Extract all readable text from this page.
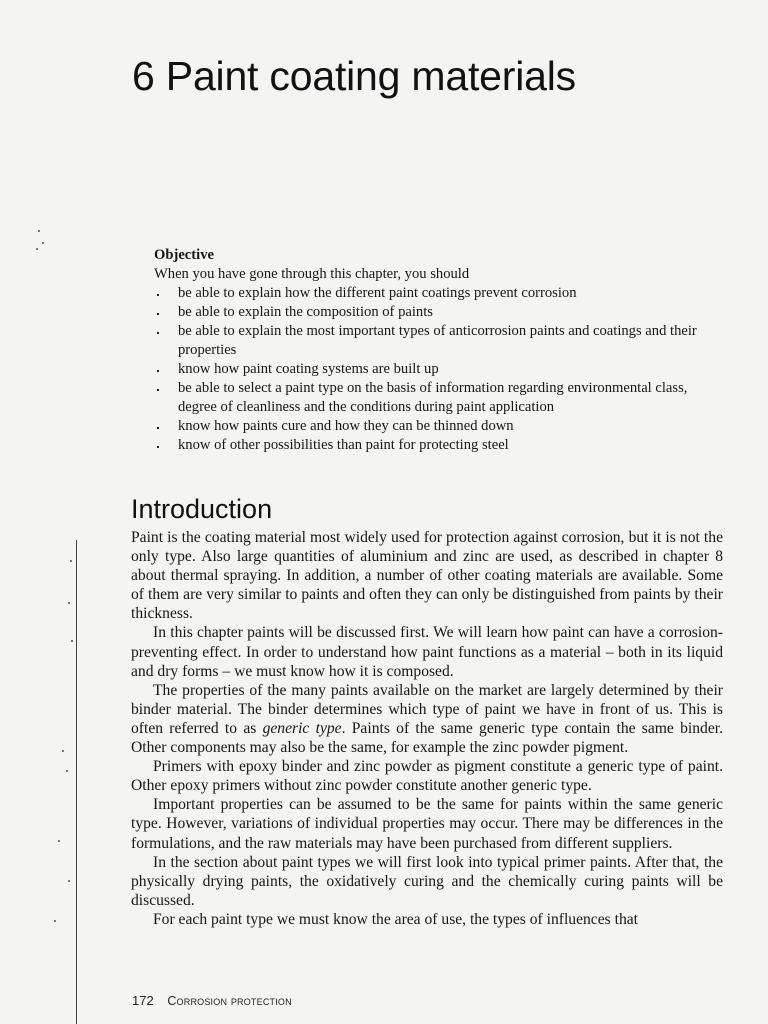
6 Paint coating materials
Objective
When you have gone through this chapter, you should
be able to explain how the different paint coatings prevent corrosion
be able to explain the composition of paints
be able to explain the most important types of anticorrosion paints and coatings and their properties
know how paint coating systems are built up
be able to select a paint type on the basis of information regarding environmental class, degree of cleanliness and the conditions during paint application
know how paints cure and how they can be thinned down
know of other possibilities than paint for protecting steel
Introduction

Paint is the coating material most widely used for protection against corrosion, but it is not the only type. Also large quantities of aluminium and zinc are used, as described in chapter 8 about thermal spraying. In addition, a number of other coating materials are available. Some of them are very similar to paints and often they can only be distinguished from paints by their thickness.

In this chapter paints will be discussed first. We will learn how paint can have a corrosion-preventing effect. In order to understand how paint functions as a material – both in its liquid and dry forms – we must know how it is composed.

The properties of the many paints available on the market are largely determined by their binder material. The binder determines which type of paint we have in front of us. This is often referred to as generic type. Paints of the same generic type contain the same binder. Other components may also be the same, for example the zinc powder pigment.

Primers with epoxy binder and zinc powder as pigment constitute a generic type of paint. Other epoxy primers without zinc powder constitute another generic type.

Important properties can be assumed to be the same for paints within the same generic type. However, variations of individual properties may occur. There may be differences in the formulations, and the raw materials may have been purchased from different suppliers.

In the section about paint types we will first look into typical primer paints. After that, the physically drying paints, the oxidatively curing and the chemically curing paints will be discussed.

For each paint type we must know the area of use, the types of influences that

172 Corrosion protection
